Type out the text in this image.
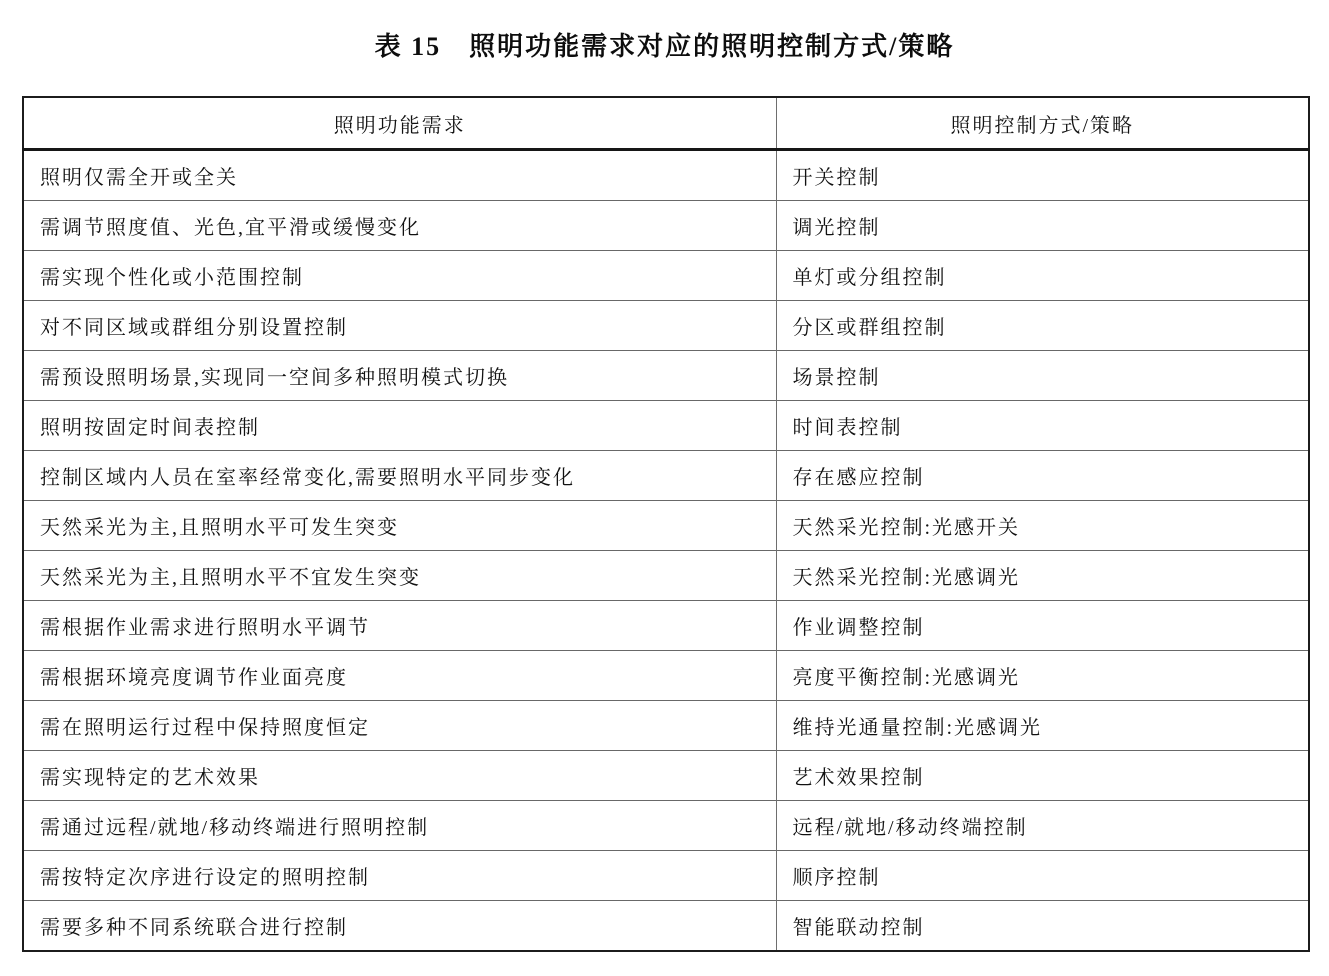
表 15　照明功能需求对应的照明控制方式/策略
照明功能需求	照明控制方式/策略
照明仅需全开或全关	开关控制
需调节照度值、光色,宜平滑或缓慢变化	调光控制
需实现个性化或小范围控制	单灯或分组控制
对不同区域或群组分别设置控制	分区或群组控制
需预设照明场景,实现同一空间多种照明模式切换	场景控制
照明按固定时间表控制	时间表控制
控制区域内人员在室率经常变化,需要照明水平同步变化	存在感应控制
天然采光为主,且照明水平可发生突变	天然采光控制:光感开关
天然采光为主,且照明水平不宜发生突变	天然采光控制:光感调光
需根据作业需求进行照明水平调节	作业调整控制
需根据环境亮度调节作业面亮度	亮度平衡控制:光感调光
需在照明运行过程中保持照度恒定	维持光通量控制:光感调光
需实现特定的艺术效果	艺术效果控制
需通过远程/就地/移动终端进行照明控制	远程/就地/移动终端控制
需按特定次序进行设定的照明控制	顺序控制
需要多种不同系统联合进行控制	智能联动控制
